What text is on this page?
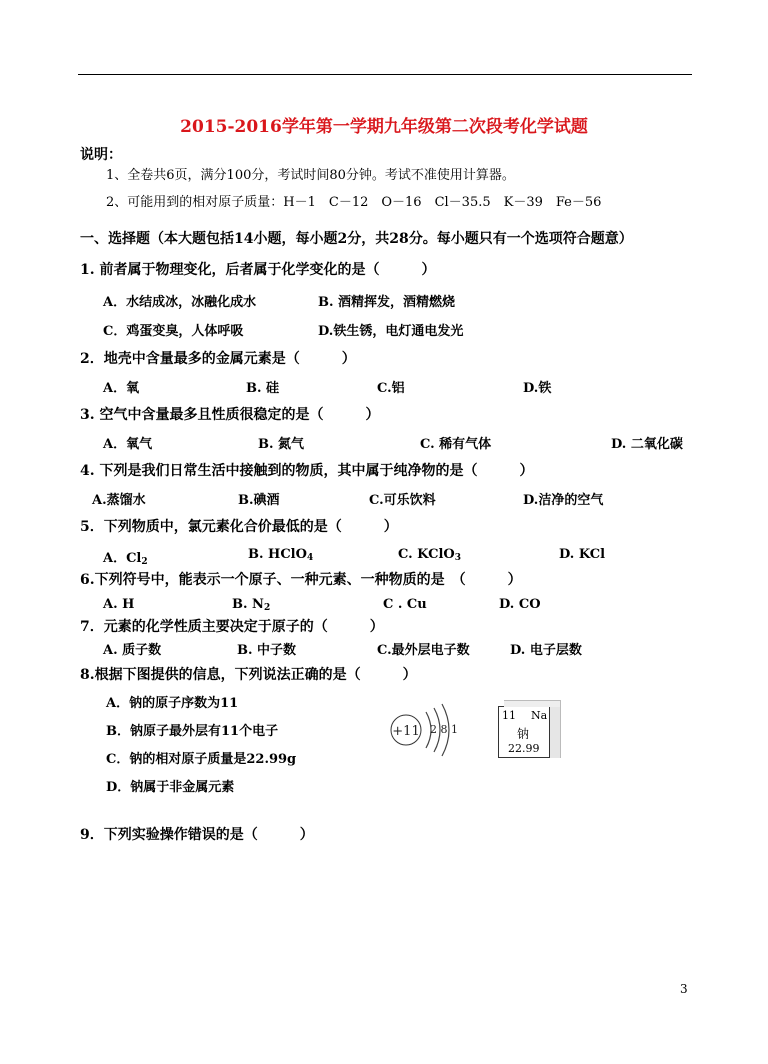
2015-2016学年第一学期九年级第二次段考化学试题
说明：
1、全卷共6页，满分100分，考试时间80分钟。考试不准使用计算器。
2、可能用到的相对原子质量：H－1　C－12　O－16　Cl－35.5　K－39　Fe－56
一、选择题（本大题包括14小题，每小题2分，共28分。每小题只有一个选项符合题意）
1. 前者属于物理变化，后者属于化学变化的是（　　　）
A．水结成冰，冰融化成水	B. 酒精挥发，酒精燃烧
C．鸡蛋变臭，人体呼吸	D.铁生锈，电灯通电发光
2．地壳中含量最多的金属元素是（　　　）
A．氧	B. 硅	C.铝	D.铁
3. 空气中含量最多且性质很稳定的是（　　　）
A．氧气	B. 氮气	C. 稀有气体	D. 二氧化碳
4. 下列是我们日常生活中接触到的物质，其中属于纯净物的是（　　　）
A.蒸馏水	B.碘酒	C.可乐饮料	D.洁净的空气
5．下列物质中，氯元素化合价最低的是（　　　）
A．$Cl_2$	B. HClO$_4$	C. KClO$_3$	D. KCl
6.下列符号中，能表示一个原子、一种元素、一种物质的是　（　　　）
A. H	B. $N_2$	C . Cu	D. CO
7．元素的化学性质主要决定于原子的（　　　）
A. 质子数	B. 中子数	C.最外层电子数	D. 电子层数
8.根据下图提供的信息，下列说法正确的是（　　　）
A．钠的原子序数为11
B．钠原子最外层有11个电子
C．钠的相对原子质量是22.99g
D．钠属于非金属元素
+11 2 8 1
11 Na
钠
22.99
9．下列实验操作错误的是（　　　）
3
